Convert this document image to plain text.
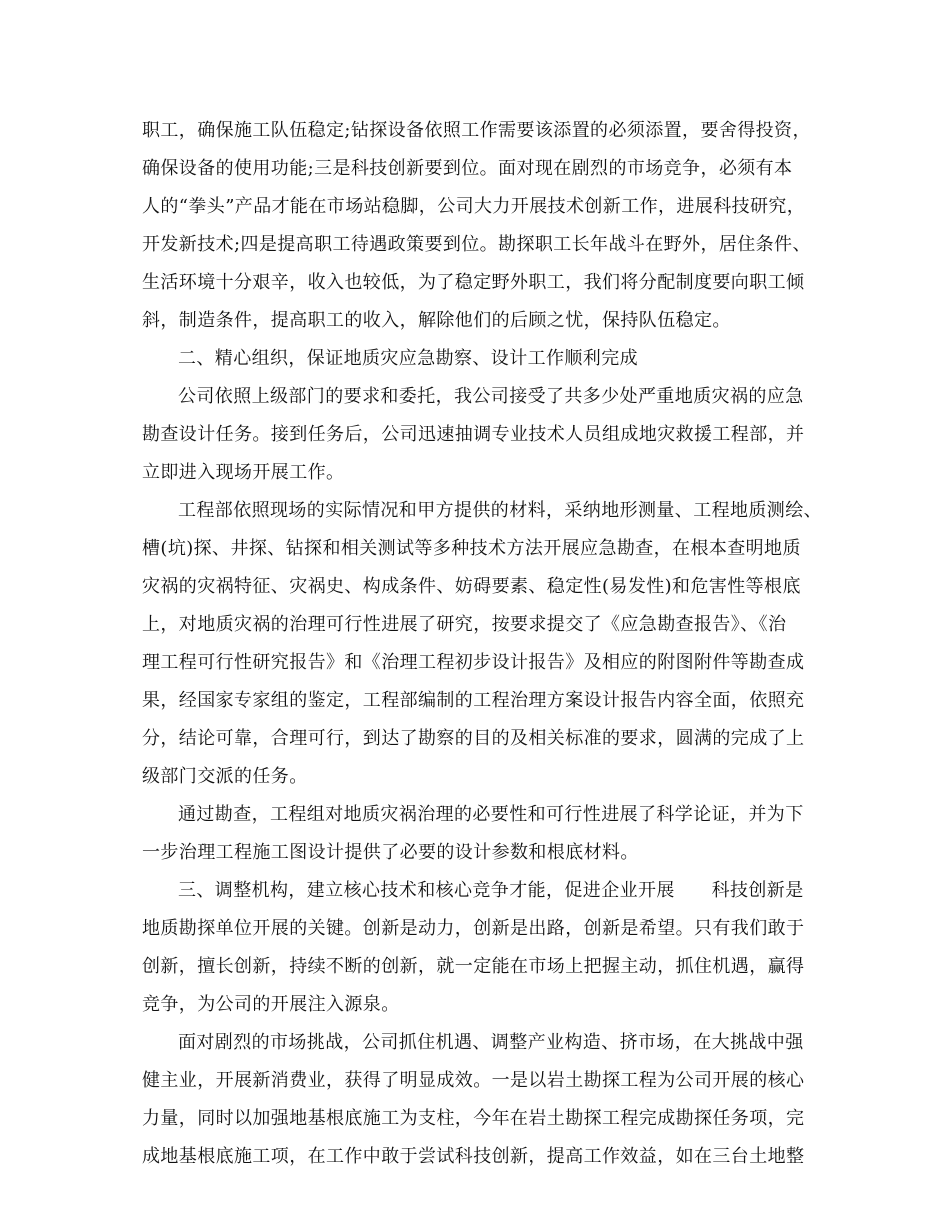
职工，确保施工队伍稳定;钻探设备依照工作需要该添置的必须添置，要舍得投资，
确保设备的使用功能;三是科技创新要到位。面对现在剧烈的市场竞争，必须有本
人的“拳头”产品才能在市场站稳脚，公司大力开展技术创新工作，进展科技研究，
开发新技术;四是提高职工待遇政策要到位。勘探职工长年战斗在野外，居住条件、
生活环境十分艰辛，收入也较低，为了稳定野外职工，我们将分配制度要向职工倾
斜，制造条件，提高职工的收入，解除他们的后顾之忧，保持队伍稳定。
二、精心组织，保证地质灾应急勘察、设计工作顺利完成
公司依照上级部门的要求和委托，我公司接受了共多少处严重地质灾祸的应急
勘查设计任务。接到任务后，公司迅速抽调专业技术人员组成地灾救援工程部，并
立即进入现场开展工作。
工程部依照现场的实际情况和甲方提供的材料，采纳地形测量、工程地质测绘、
槽(坑)探、井探、钻探和相关测试等多种技术方法开展应急勘查，在根本查明地质
灾祸的灾祸特征、灾祸史、构成条件、妨碍要素、稳定性(易发性)和危害性等根底
上，对地质灾祸的治理可行性进展了研究，按要求提交了《应急勘查报告》、《治
理工程可行性研究报告》和《治理工程初步设计报告》及相应的附图附件等勘查成
果，经国家专家组的鉴定，工程部编制的工程治理方案设计报告内容全面，依照充
分，结论可靠，合理可行，到达了勘察的目的及相关标准的要求，圆满的完成了上
级部门交派的任务。
通过勘查，工程组对地质灾祸治理的必要性和可行性进展了科学论证，并为下
一步治理工程施工图设计提供了必要的设计参数和根底材料。
三、调整机构，建立核心技术和核心竞争才能，促进企业开展　　科技创新是
地质勘探单位开展的关键。创新是动力，创新是出路，创新是希望。只有我们敢于
创新，擅长创新，持续不断的创新，就一定能在市场上把握主动，抓住机遇，赢得
竞争，为公司的开展注入源泉。
面对剧烈的市场挑战，公司抓住机遇、调整产业构造、挤市场，在大挑战中强
健主业，开展新消费业，获得了明显成效。一是以岩土勘探工程为公司开展的核心
力量，同时以加强地基根底施工为支柱，今年在岩土勘探工程完成勘探任务项，完
成地基根底施工项，在工作中敢于尝试科技创新，提高工作效益，如在三台土地整
